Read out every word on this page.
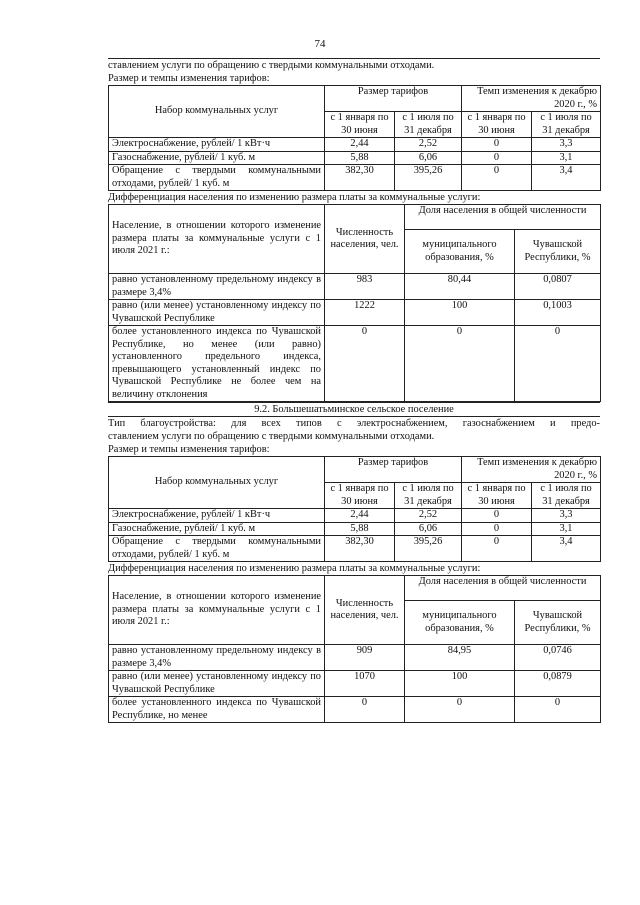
74
ставлением услуги по обращению с твердыми коммунальными отходами.
Размер и темпы изменения тарифов:
Набор коммунальных услуг	Размер тарифов		Темп изменения к декабрю 2020 г., %	
	с 1 января по 30 июня	с 1 июля по 31 декабря	с 1 января по 30 июня	с 1 июля по 31 декабря
Электроснабжение, рублей/ 1 кВт·ч	2,44	2,52	0	3,3
Газоснабжение, рублей/ 1 куб. м	5,88	6,06	0	3,1
Обращение с твердыми коммунальными отходами, рублей/ 1 куб. м	382,30	395,26	0	3,4
Дифференциация населения по изменению размера платы за коммунальные услуги:
Население, в отношении которого изменение размера платы за коммунальные услуги с 1 июля 2021 г.:	Численность населения, чел.	Доля населения в общей численности	
		муниципального образования, %	Чувашской Республики, %
равно установленному предельному индексу в размере 3,4%	983	80,44	0,0807
равно (или менее) установленному индексу по Чувашской Республике	1222	100	0,1003
более установленного индекса по Чувашской Республике, но менее (или равно) установленного предельного индекса, превышающего установленный индекс по Чувашской Республике не более чем на величину отклонения	0	0	0
9.2. Большешатьминское сельское поселение
Тип благоустройства: для всех типов с электроснабжением, газоснабжением и предо-
ставлением услуги по обращению с твердыми коммунальными отходами.
Размер и темпы изменения тарифов:
Набор коммунальных услуг	Размер тарифов		Темп изменения к декабрю 2020 г., %	
	с 1 января по 30 июня	с 1 июля по 31 декабря	с 1 января по 30 июня	с 1 июля по 31 декабря
Электроснабжение, рублей/ 1 кВт·ч	2,44	2,52	0	3,3
Газоснабжение, рублей/ 1 куб. м	5,88	6,06	0	3,1
Обращение с твердыми коммунальными отходами, рублей/ 1 куб. м	382,30	395,26	0	3,4
Дифференциация населения по изменению размера платы за коммунальные услуги:
Население, в отношении которого изменение размера платы за коммунальные услуги с 1 июля 2021 г.:	Численность населения, чел.	Доля населения в общей численности	
		муниципального образования, %	Чувашской Республики, %
равно установленному предельному индексу в размере 3,4%	909	84,95	0,0746
равно (или менее) установленному индексу по Чувашской Республике	1070	100	0,0879
более установленного индекса по Чувашской Республике, но менее	0	0	0
